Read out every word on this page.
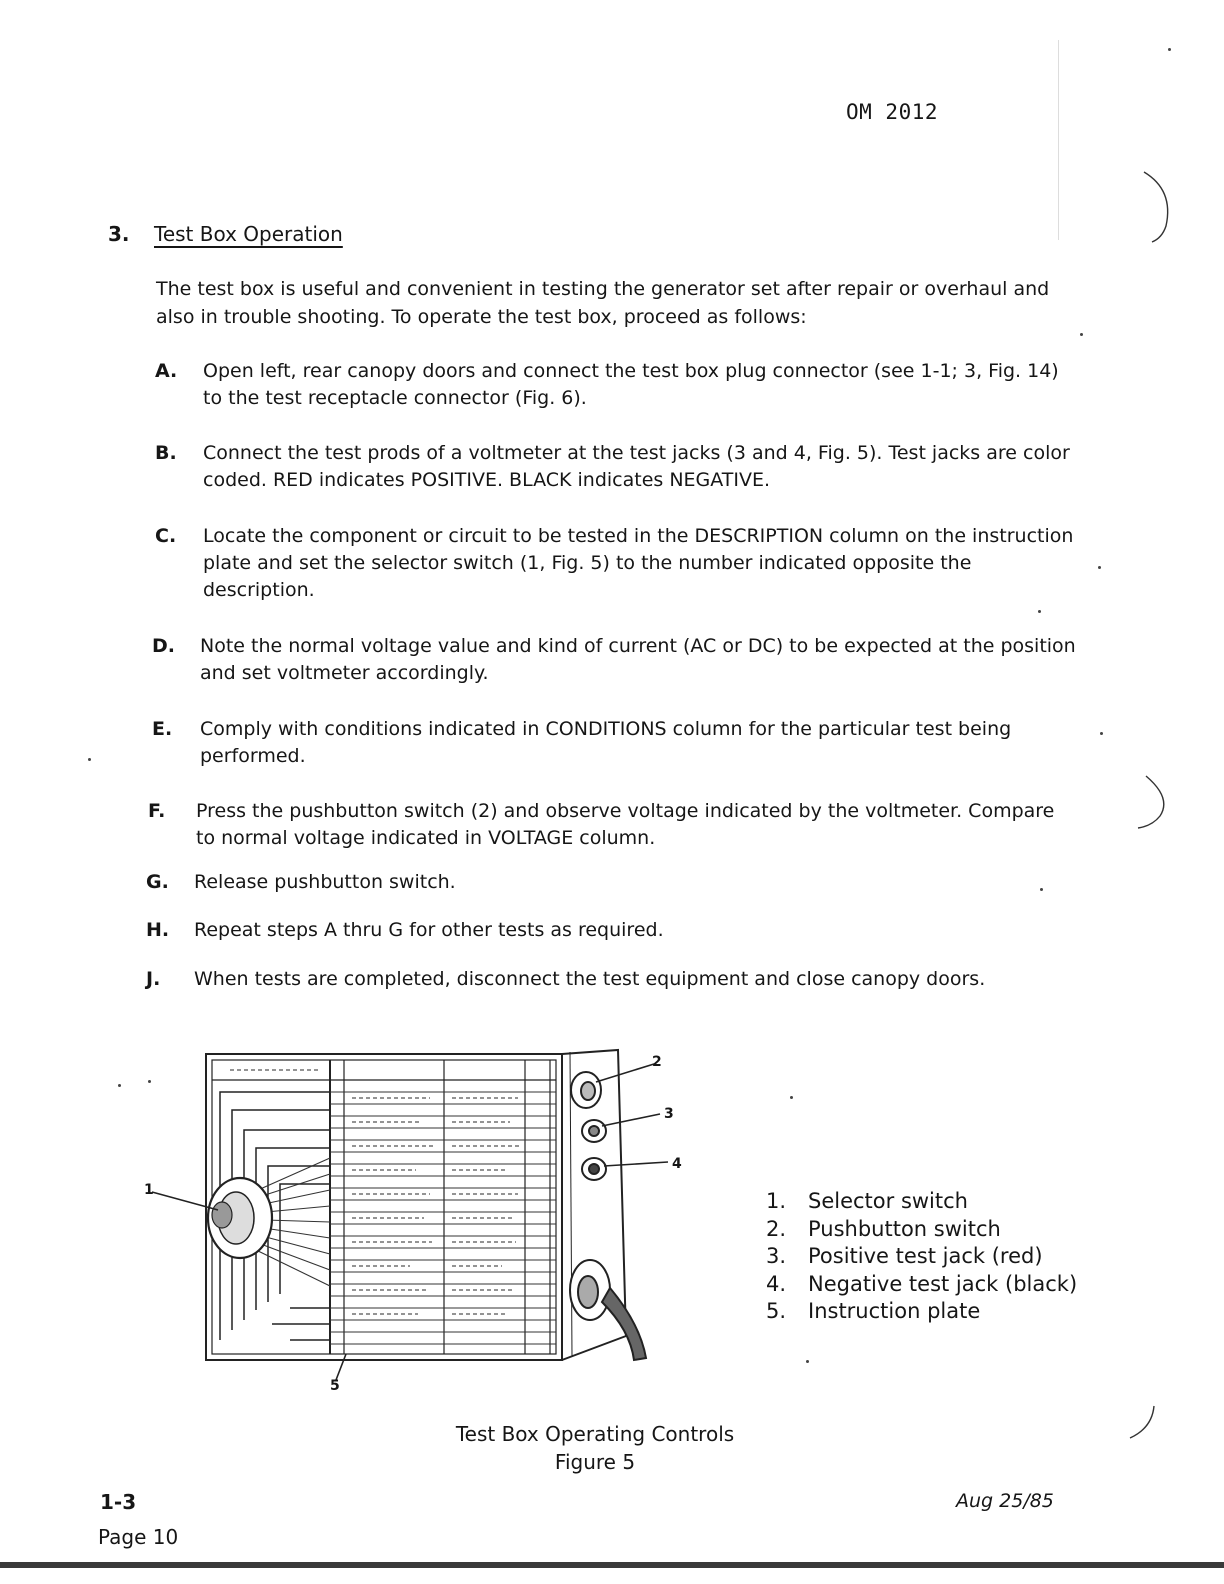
OM 2012
3. Test Box Operation
The test box is useful and convenient in testing the generator set after repair or overhaul and also in trouble shooting. To operate the test box, proceed as follows:
A. Open left, rear canopy doors and connect the test box plug connector (see 1-1; 3, Fig. 14) to the test receptacle connector (Fig. 6).
B. Connect the test prods of a voltmeter at the test jacks (3 and 4, Fig. 5). Test jacks are color coded. RED indicates POSITIVE. BLACK indicates NEGATIVE.
C. Locate the component or circuit to be tested in the DESCRIPTION column on the instruction plate and set the selector switch (1, Fig. 5) to the number indicated opposite the description.
D. Note the normal voltage value and kind of current (AC or DC) to be expected at the position and set voltmeter accordingly.
E. Comply with conditions indicated in CONDITIONS column for the particular test being performed.
F. Press the pushbutton switch (2) and observe voltage indicated by the voltmeter. Compare to normal voltage indicated in VOLTAGE column.
G. Release pushbutton switch.
H. Repeat steps A thru G for other tests as required.
J. When tests are completed, disconnect the test equipment and close canopy doors.
1
2
3
4
5
1.	Selector switch
2.	Pushbutton switch
3.	Positive test jack (red)
4.	Negative test jack (black)
5.	Instruction plate
Test Box Operating Controls
Figure 5
1-3
Page 10
Aug 25/85
